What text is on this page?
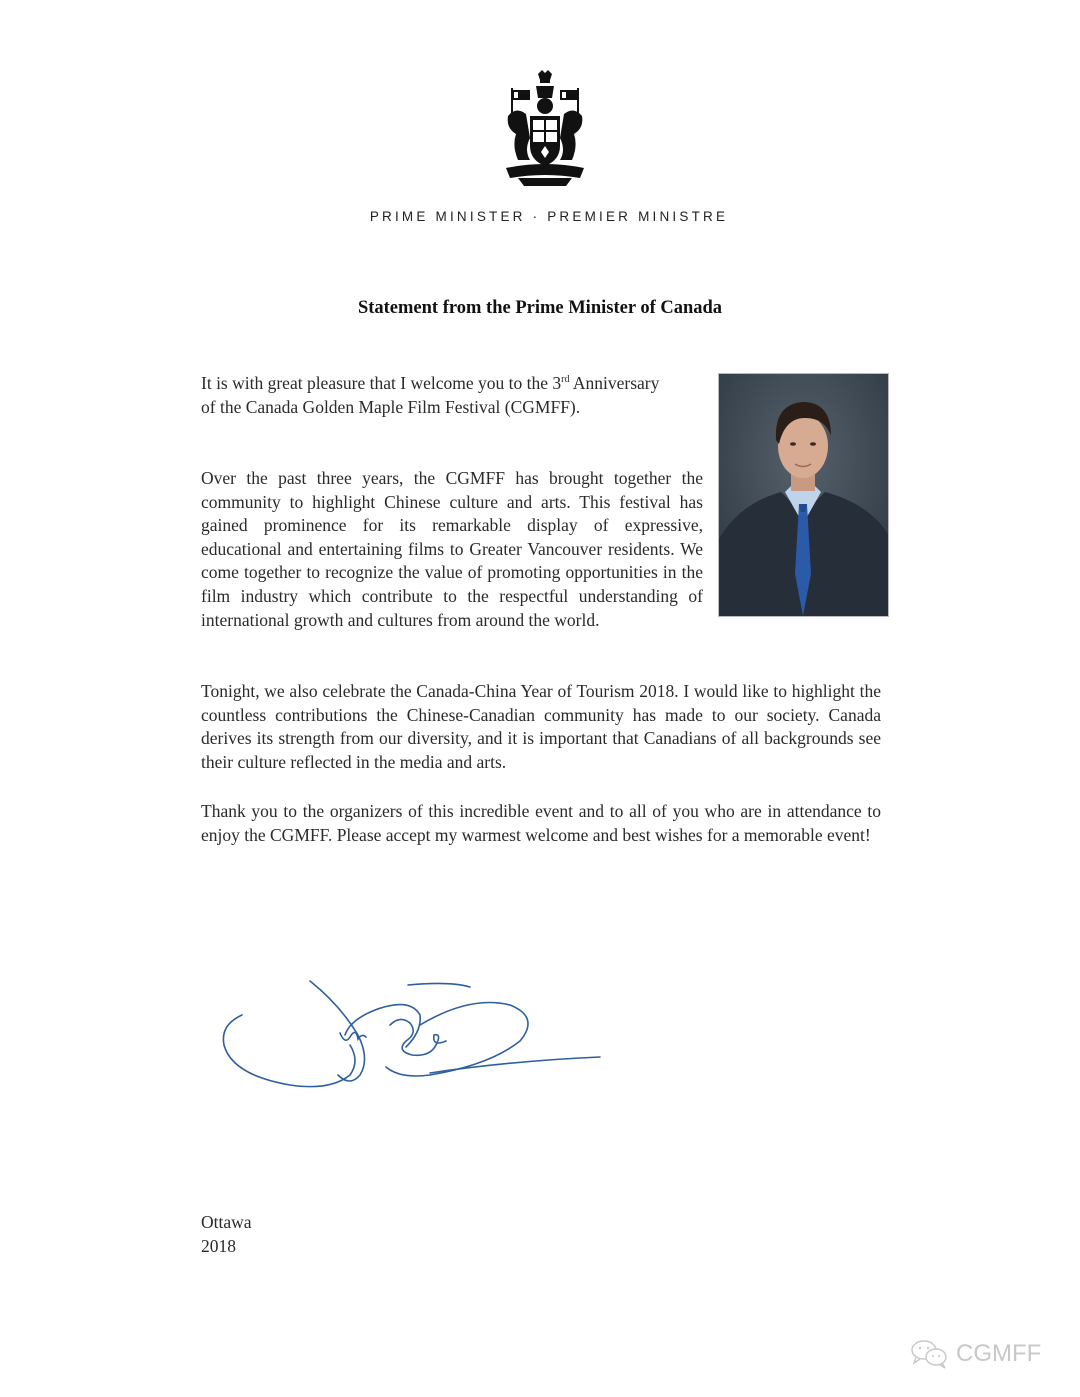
PRIME MINISTER · PREMIER MINISTRE
Statement from the Prime Minister of Canada

It is with great pleasure that I welcome you to the 3rd Anniversary of the Canada Golden Maple Film Festival (CGMFF).

Over the past three years, the CGMFF has brought together the community to highlight Chinese culture and arts. This festival has gained prominence for its remarkable display of expressive, educational and entertaining films to Greater Vancouver residents. We come together to recognize the value of promoting opportunities in the film industry which contribute to the respectful understanding of international growth and cultures from around the world.

Tonight, we also celebrate the Canada-China Year of Tourism 2018. I would like to highlight the countless contributions the Chinese-Canadian community has made to our society. Canada derives its strength from our diversity, and it is important that Canadians of all backgrounds see their culture reflected in the media and arts.

Thank you to the organizers of this incredible event and to all of you who are in attendance to enjoy the CGMFF. Please accept my warmest welcome and best wishes for a memorable event!

Ottawa
2018
CGMFF
